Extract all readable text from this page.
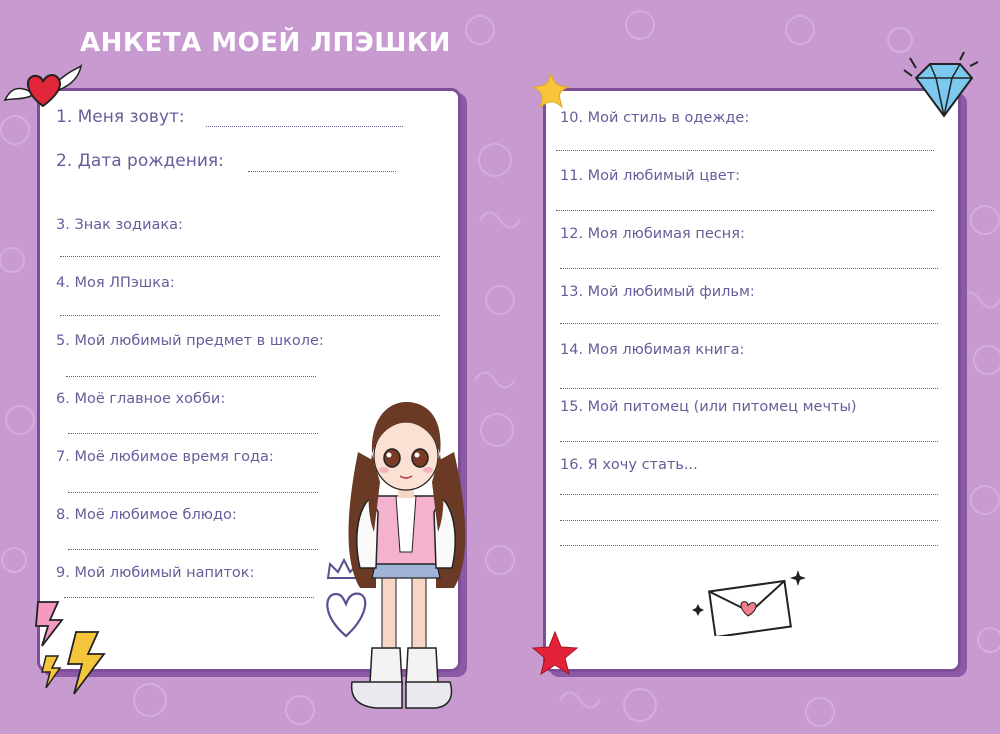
АНКЕТА МОЕЙ ЛПЭШКИ
1. Меня зовут:
2. Дата рождения:
3. Знак зодиака:
4. Моя ЛПэшка:
5. Мой любимый предмет в школе:
6. Моё главное хобби:
7. Моё любимое время года:
8. Моё любимое блюдо:
9. Мой любимый напиток:
10. Мой стиль в одежде:
11. Мой любимый цвет:
12. Моя любимая песня:
13. Мой любимый фильм:
14. Моя любимая книга:
15. Мой питомец (или питомец мечты)
16. Я хочу стать...
